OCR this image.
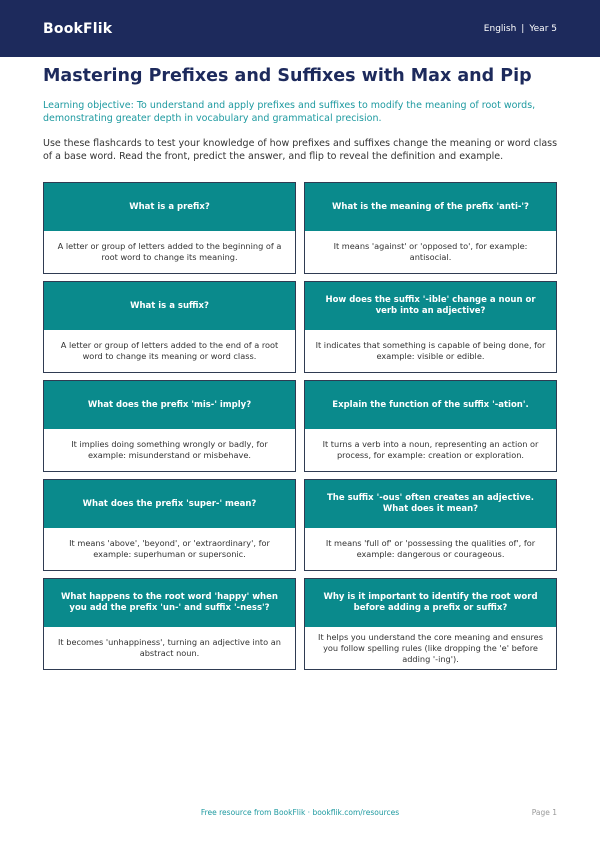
BookFlik	English | Year 5
Mastering Prefixes and Suffixes with Max and Pip

Learning objective: To understand and apply prefixes and suffixes to modify the meaning of root words, demonstrating greater depth in vocabulary and grammatical precision.

Use these flashcards to test your knowledge of how prefixes and suffixes change the meaning or word class of a base word. Read the front, predict the answer, and flip to reveal the definition and example.

What is a prefix?
A letter or group of letters added to the beginning of a root word to change its meaning.
What is the meaning of the prefix 'anti-'?
It means 'against' or 'opposed to', for example: antisocial.
What is a suffix?
A letter or group of letters added to the end of a root word to change its meaning or word class.
How does the suffix '-ible' change a noun or verb into an adjective?
It indicates that something is capable of being done, for example: visible or edible.
What does the prefix 'mis-' imply?
It implies doing something wrongly or badly, for example: misunderstand or misbehave.
Explain the function of the suffix '-ation'.
It turns a verb into a noun, representing an action or process, for example: creation or exploration.
What does the prefix 'super-' mean?
It means 'above', 'beyond', or 'extraordinary', for example: superhuman or supersonic.
The suffix '-ous' often creates an adjective. What does it mean?
It means 'full of' or 'possessing the qualities of', for example: dangerous or courageous.
What happens to the root word 'happy' when you add the prefix 'un-' and suffix '-ness'?
It becomes 'unhappiness', turning an adjective into an abstract noun.
Why is it important to identify the root word before adding a prefix or suffix?
It helps you understand the core meaning and ensures you follow spelling rules (like dropping the 'e' before adding '-ing').
Free resource from BookFlik · bookflik.com/resources	Page 1
